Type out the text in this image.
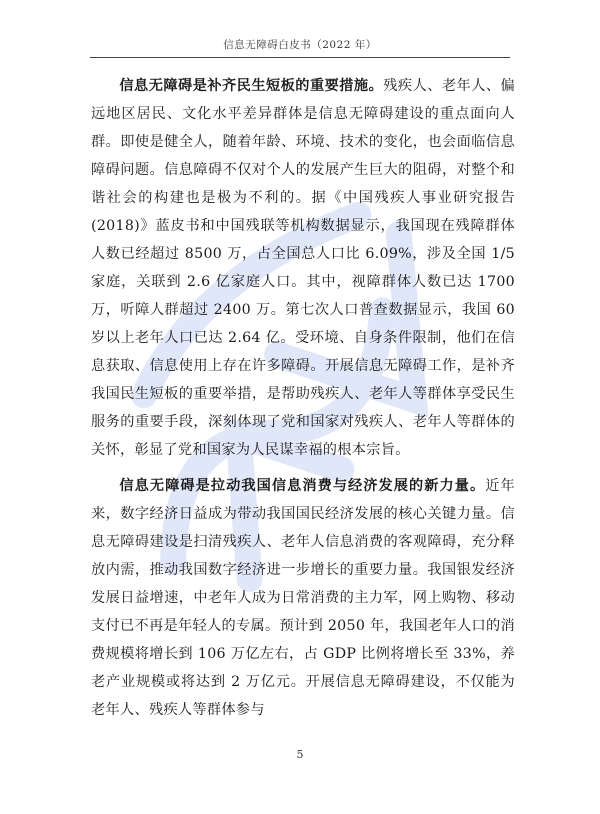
信息无障碍白皮书（2022 年）

信息无障碍是补齐民生短板的重要措施。残疾人、老年人、偏远地区居民、文化水平差异群体是信息无障碍建设的重点面向人群。即使是健全人，随着年龄、环境、技术的变化，也会面临信息障碍问题。信息障碍不仅对个人的发展产生巨大的阻碍，对整个和谐社会的构建也是极为不利的。据《中国残疾人事业研究报告(2018)》蓝皮书和中国残联等机构数据显示，我国现在残障群体人数已经超过 8500 万，占全国总人口比 6.09%，涉及全国 1/5 家庭，关联到 2.6 亿家庭人口。其中，视障群体人数已达 1700 万，听障人群超过 2400 万。第七次人口普查数据显示，我国 60 岁以上老年人口已达 2.64 亿。受环境、自身条件限制，他们在信息获取、信息使用上存在许多障碍。开展信息无障碍工作，是补齐我国民生短板的重要举措，是帮助残疾人、老年人等群体享受民生服务的重要手段，深刻体现了党和国家对残疾人、老年人等群体的关怀，彰显了党和国家为人民谋幸福的根本宗旨。

信息无障碍是拉动我国信息消费与经济发展的新力量。近年来，数字经济日益成为带动我国国民经济发展的核心关键力量。信息无障碍建设是扫清残疾人、老年人信息消费的客观障碍，充分释放内需，推动我国数字经济进一步增长的重要力量。我国银发经济发展日益增速，中老年人成为日常消费的主力军，网上购物、移动支付已不再是年轻人的专属。预计到 2050 年，我国老年人口的消费规模将增长到 106 万亿左右，占 GDP 比例将增长至 33%，养老产业规模或将达到 2 万亿元。开展信息无障碍建设，不仅能为老年人、残疾人等群体参与

5
